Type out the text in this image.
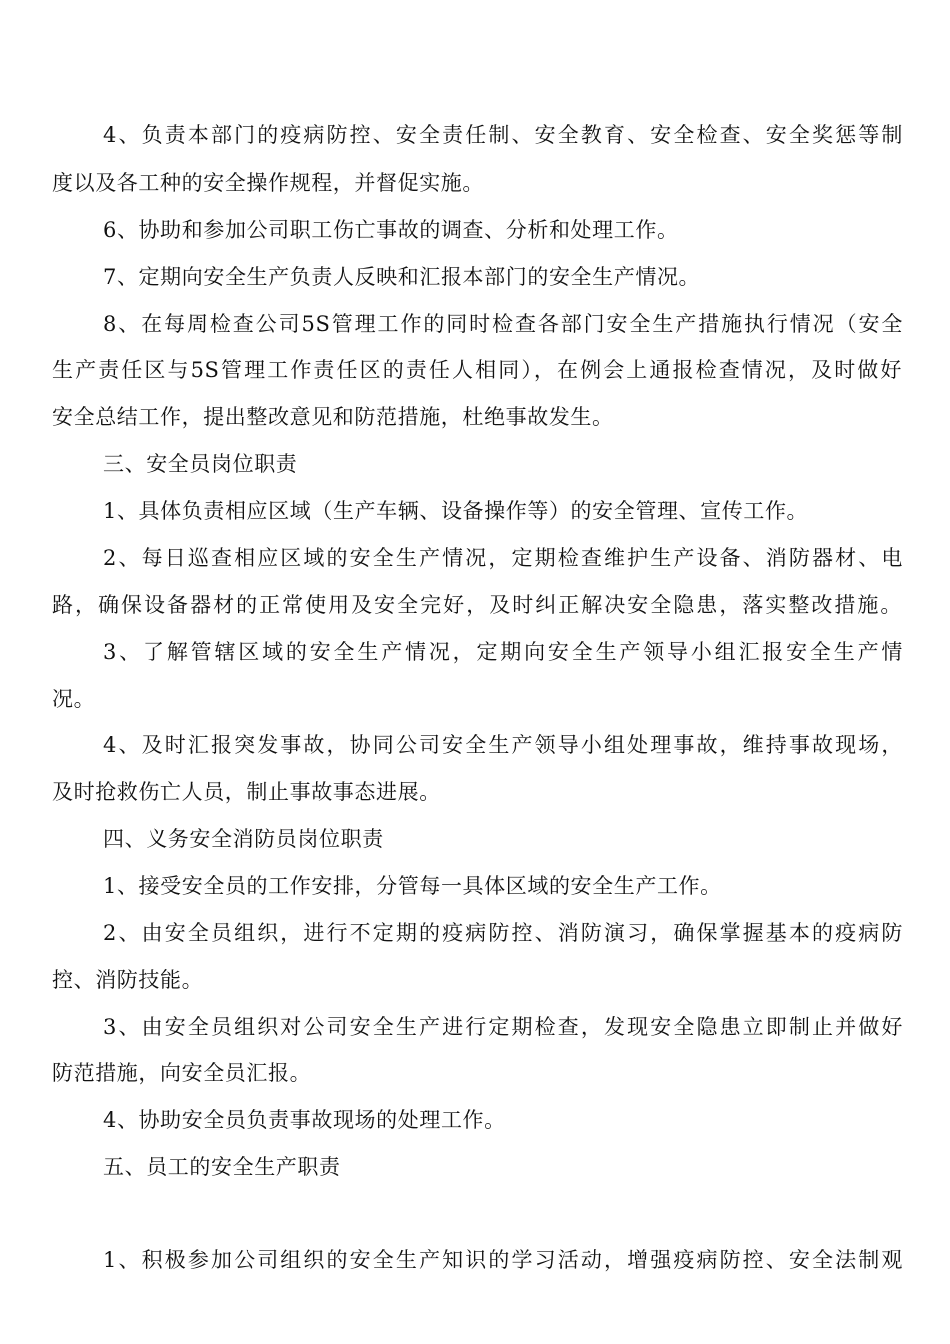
4、负责本部门的疫病防控、安全责任制、安全教育、安全检查、安全奖惩等制
度以及各工种的安全操作规程，并督促实施。
6、协助和参加公司职工伤亡事故的调查、分析和处理工作。
7、定期向安全生产负责人反映和汇报本部门的安全生产情况。
8、在每周检查公司5S管理工作的同时检查各部门安全生产措施执行情况（安全
生产责任区与5S管理工作责任区的责任人相同），在例会上通报检查情况，及时做好
安全总结工作，提出整改意见和防范措施，杜绝事故发生。
三、安全员岗位职责
1、具体负责相应区域（生产车辆、设备操作等）的安全管理、宣传工作。
2、每日巡查相应区域的安全生产情况，定期检查维护生产设备、消防器材、电
路，确保设备器材的正常使用及安全完好，及时纠正解决安全隐患，落实整改措施。
3、了解管辖区域的安全生产情况，定期向安全生产领导小组汇报安全生产情
况。
4、及时汇报突发事故，协同公司安全生产领导小组处理事故，维持事故现场，
及时抢救伤亡人员，制止事故事态进展。
四、义务安全消防员岗位职责
1、接受安全员的工作安排，分管每一具体区域的安全生产工作。
2、由安全员组织，进行不定期的疫病防控、消防演习，确保掌握基本的疫病防
控、消防技能。
3、由安全员组织对公司安全生产进行定期检查，发现安全隐患立即制止并做好
防范措施，向安全员汇报。
4、协助安全员负责事故现场的处理工作。
五、员工的安全生产职责
1、积极参加公司组织的安全生产知识的学习活动，增强疫病防控、安全法制观
